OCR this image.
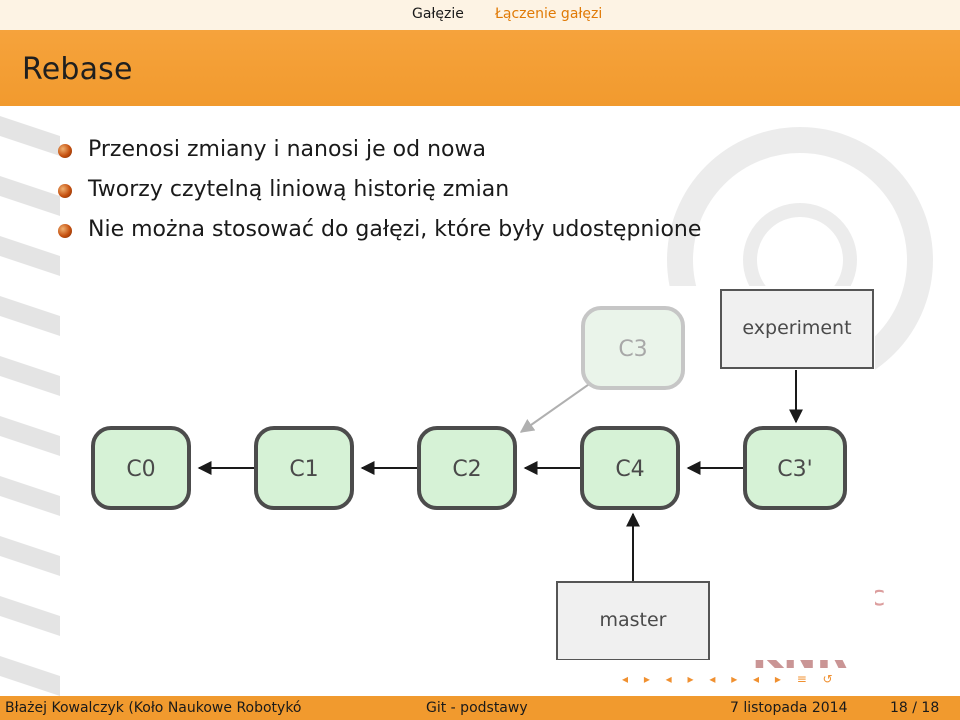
Gałęzie Łączenie gałęzi
Rebase
c
KNR
Przenosi zmiany i nanosi je od nowa
Tworzy czytelną liniową historię zmian
Nie można stosować do gałęzi, które były udostępnione
C0	C1	C2	C4	C3'
C3
experiment
master
◂ ▸ ◂ ▸ ◂ ▸ ◂ ▸ ≡ ↺
Błażej Kowalczyk (Koło Naukowe Robotykó	Git - podstawy	7 listopada 2014	18 / 18
